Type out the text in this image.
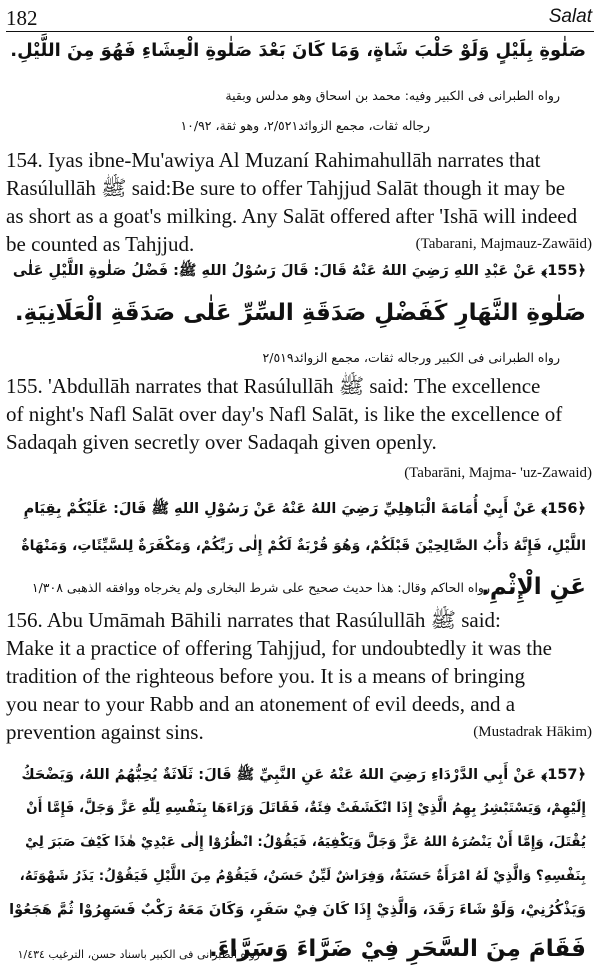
182	Salat
صَلٰوةِ بِلَيْلٍ وَلَوْ حَلْبَ شَاةٍ، وَمَا كَانَ بَعْدَ صَلٰوةِ الْعِشَاءِ فَهُوَ مِنَ اللَّيْلِ.
رواه الطبرانی فی الکبیر وفیه: محمد بن اسحاق وهو مدلس وبقیة
رجاله ثقات، مجمع الزوائد٢/٥٢١، وهو ثقة، ١٠/٩٢
154. Iyas ibne-Mu'awiya Al Muzaní Rahimahullāh narrates that
Rasúlullāh ﷺ said:Be sure to offer Tahjjud Salāt though it may be
as short as a goat's milking. Any Salāt offered after 'Ishā will indeed
be counted as Tahjjud.	(Tabarani, Majmauz-Zawāid)
﴿155﴾ عَنْ عَبْدِ اللهِ رَضِيَ اللهُ عَنْهُ قَالَ: قَالَ رَسُوْلُ اللهِ ﷺ: فَضْلُ صَلٰوةِ اللَّيْلِ عَلٰى
صَلٰوةِ النَّهَارِ كَفَضْلِ صَدَقَةِ السِّرِّ عَلٰى صَدَقَةِ الْعَلَانِيَةِ.
رواه الطبرانی فی الکبیر ورجاله ثقات، مجمع الزوائد٢/٥١٩
155. 'Abdullāh narrates that Rasúlullāh ﷺ said: The excellence
of night's Nafl Salāt over day's Nafl Salāt, is like the excellence of
Sadaqah given secretly over Sadaqah given openly.
(Tabarāni, Majma- 'uz-Zawaid)
﴿156﴾ عَنْ أَبِيْ أُمَامَةَ الْبَاهِلِيِّ رَضِيَ اللهُ عَنْهُ عَنْ رَسُوْلِ اللهِ ﷺ قَالَ: عَلَيْكُمْ بِقِيَامِ
اللَّيْلِ، فَإِنَّهُ دَأْبُ الصَّالِحِيْنَ قَبْلَكُمْ، وَهُوَ قُرْبَةٌ لَكُمْ إِلٰى رَبِّكُمْ، وَمَكْفَرَةٌ لِلسَّيِّئَاتِ، وَمَنْهَاةٌ
عَنِ الْإِثْمِ.
رواه الحاکم وقال: هذا حدیث صحیح علی شرط البخاری ولم یخرجاه ووافقه الذهبی ١/٣٠٨
156. Abu Umāmah Bāhili narrates that Rasúlullāh ﷺ said:
Make it a practice of offering Tahjjud, for undoubtedly it was the
tradition of the righteous before you. It is a means of bringing
you near to your Rabb and an atonement of evil deeds, and a
prevention against sins.	(Mustadrak Hākim)
﴿157﴾ عَنْ أَبِي الدَّرْدَاءِ رَضِيَ اللهُ عَنْهُ عَنِ النَّبِيِّ ﷺ قَالَ: ثَلَاثَةٌ يُحِبُّهُمُ اللهُ، وَيَضْحَكُ
إِلَيْهِمْ، وَيَسْتَبْشِرُ بِهِمُ الَّذِيْ إِذَا انْكَشَفَتْ فِئَةٌ، فَقَاتَلَ وَرَاءَهَا بِنَفْسِهِ لِلّٰهِ عَزَّ وَجَلَّ، فَإِمَّا أَنْ
يُقْتَلَ، وَإِمَّا أَنْ يَنْصُرَهُ اللهُ عَزَّ وَجَلَّ وَيَكْفِيَهُ، فَيَقُوْلُ: انْظُرُوْا إِلٰى عَبْدِيْ هٰذَا كَيْفَ صَبَرَ لِيْ
بِنَفْسِهِ؟ وَالَّذِيْ لَهُ امْرَأَةٌ حَسَنَةٌ، وَفِرَاشٌ لَيِّنٌ حَسَنٌ، فَيَقُوْمُ مِنَ اللَّيْلِ فَيَقُوْلُ: يَذَرُ شَهْوَتَهُ،
وَيَذْكُرُنِيْ، وَلَوْ شَاءَ رَقَدَ، وَالَّذِيْ إِذَا كَانَ فِيْ سَفَرٍ، وَكَانَ مَعَهُ رَكْبٌ فَسَهِرُوْا ثُمَّ هَجَعُوْا
فَقَامَ مِنَ السَّحَرِ فِيْ ضَرَّاءَ وَسَرَّاءَ.
رواه الطبرانی فی الکبیر باسناد حسن، الترغیب ١/٤٣٤
